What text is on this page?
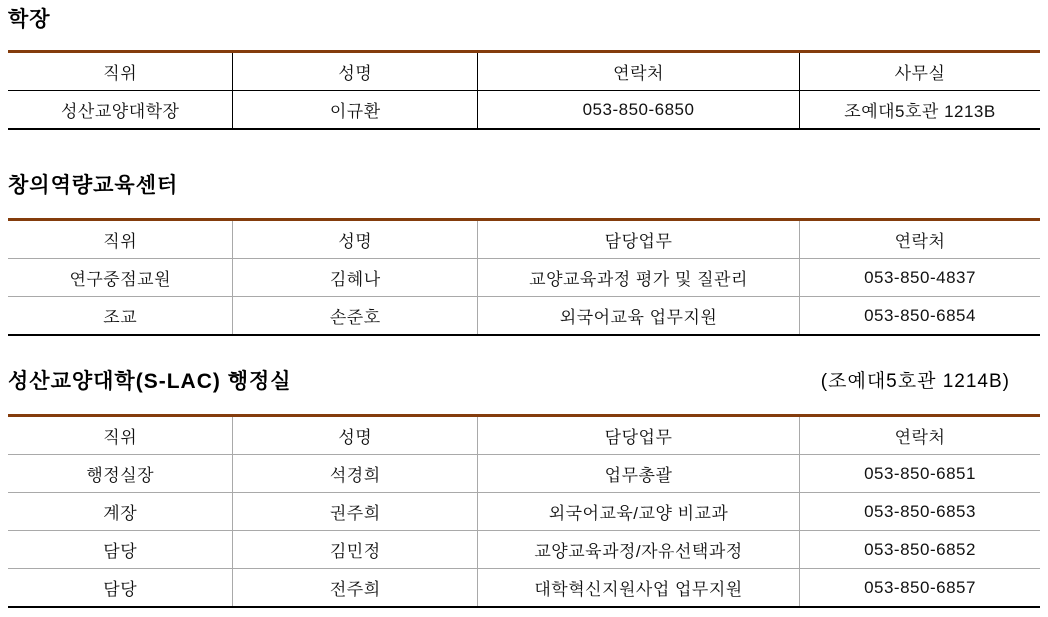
학장
직위	성명	연락처	사무실
성산교양대학장	이규환	053-850-6850	조예대5호관 1213B
창의역량교육센터
직위	성명	담당업무	연락처
연구중점교원	김혜나	교양교육과정 평가 및 질관리	053-850-4837
조교	손준호	외국어교육 업무지원	053-850-6854
성산교양대학(S-LAC) 행정실	(조예대5호관 1214B)
직위	성명	담당업무	연락처
행정실장	석경희	업무총괄	053-850-6851
계장	권주희	외국어교육/교양 비교과	053-850-6853
담당	김민정	교양교육과정/자유선택과정	053-850-6852
담당	전주희	대학혁신지원사업 업무지원	053-850-6857
